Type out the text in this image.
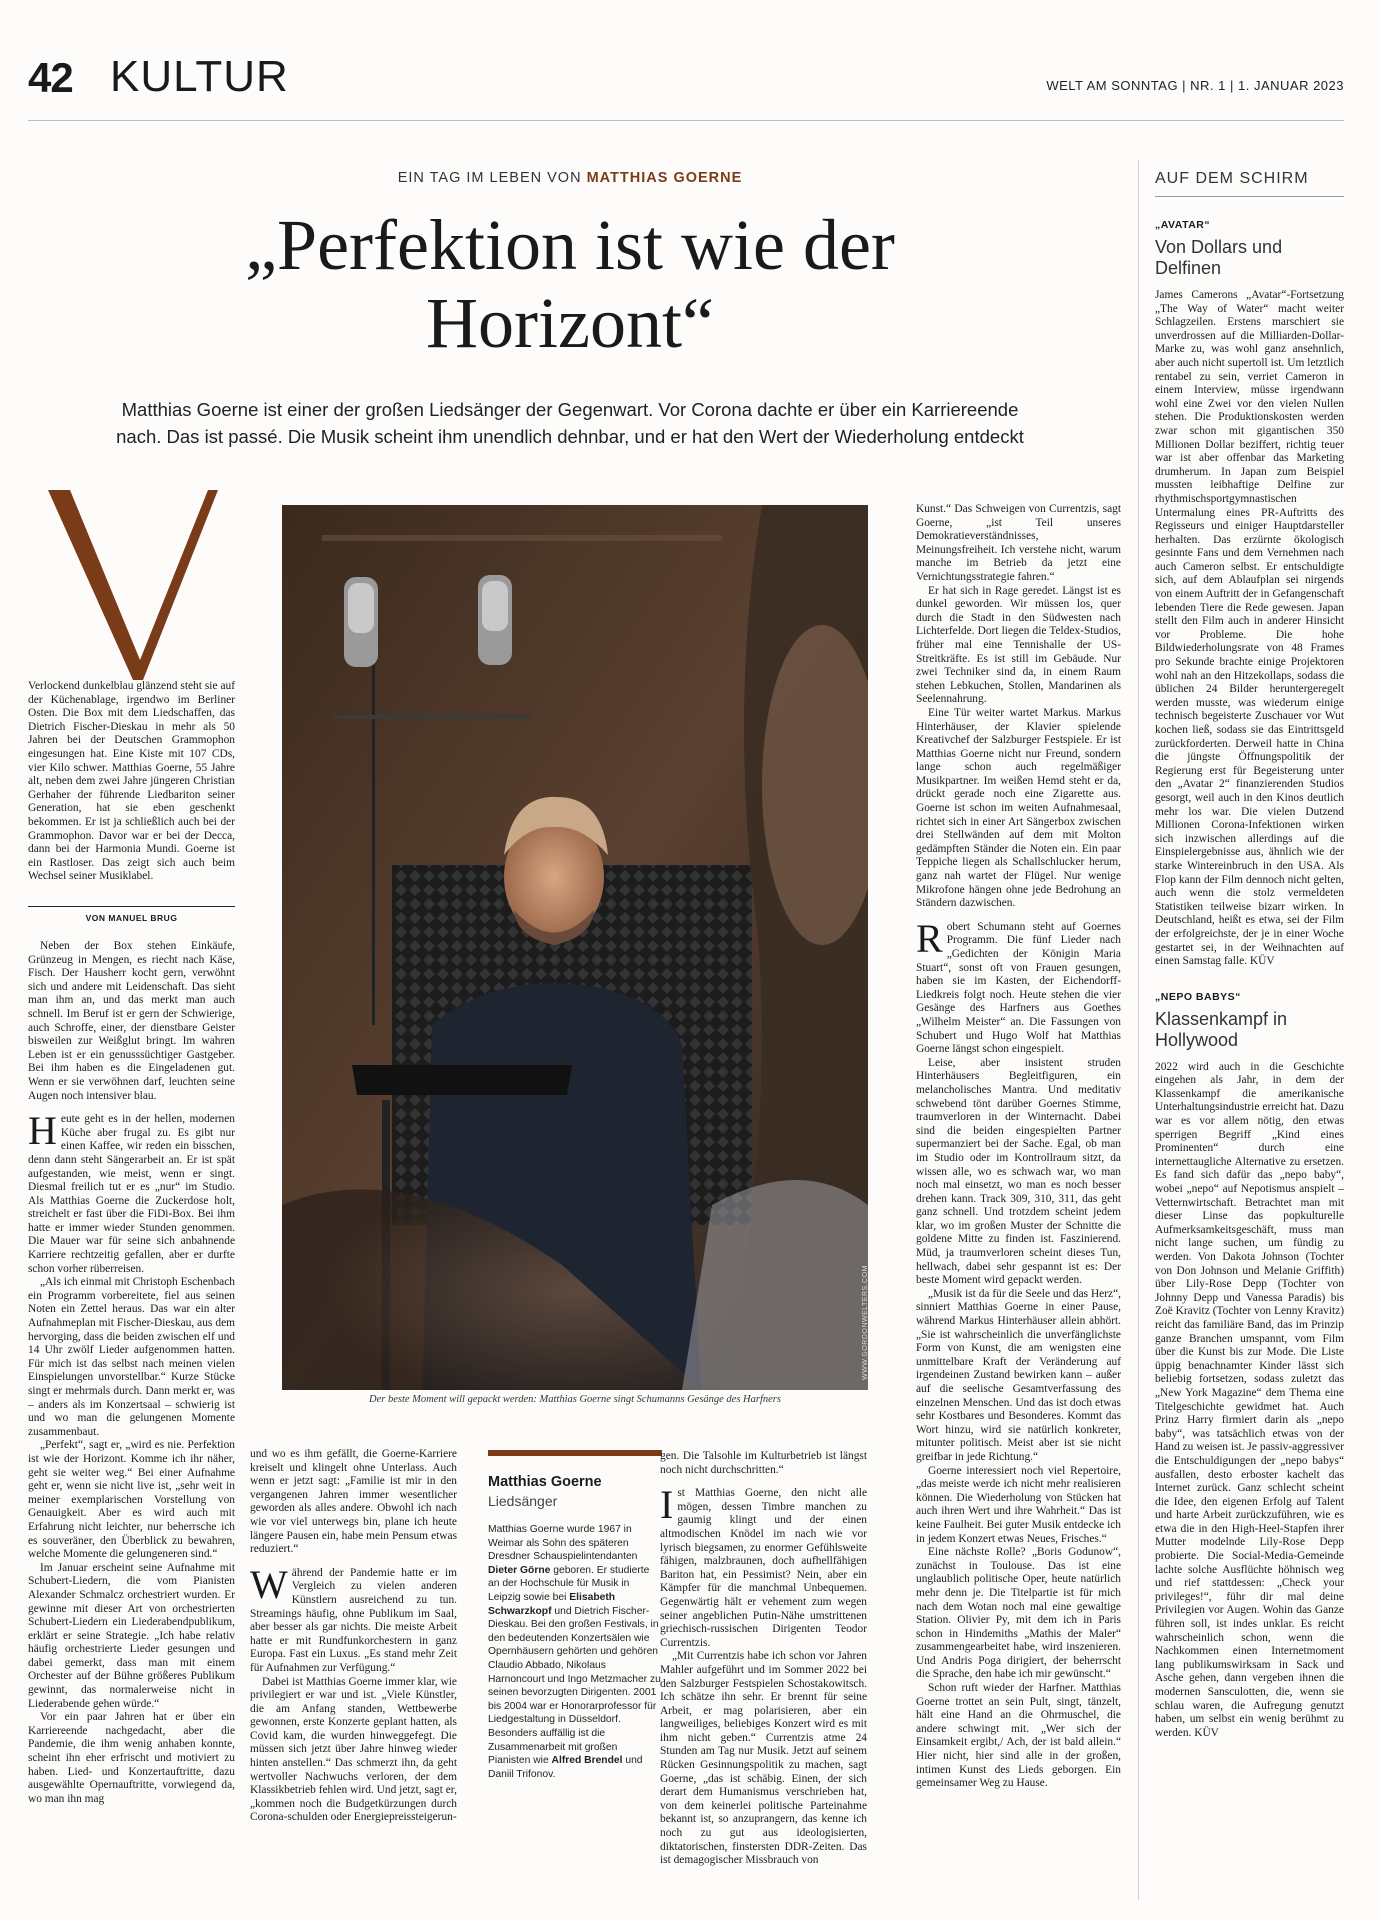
42 KULTUR	WELT AM SONNTAG | NR. 1 | 1. JANUAR 2023
EIN TAG IM LEBEN VON MATTHIAS GOERNE
„Perfektion ist wie der Horizont“
Matthias Goerne ist einer der großen Liedsänger der Gegenwart. Vor Corona dachte er über ein Karriereende nach. Das ist passé. Die Musik scheint ihm unendlich dehnbar, und er hat den Wert der Wiederholung entdeckt

Verlockend dunkelblau glänzend steht sie auf der Küchenablage, irgendwo im Berliner Osten. Die Box mit dem Liedschaffen, das Dietrich Fischer-Dieskau in mehr als 50 Jahren bei der Deutschen Grammophon eingesungen hat. Eine Kiste mit 107 CDs, vier Kilo schwer. Matthias Goerne, 55 Jahre alt, neben dem zwei Jahre jüngeren Christian Gerhaher der führende Liedbariton seiner Generation, hat sie eben geschenkt bekommen. Er ist ja schließlich auch bei der Grammophon. Davor war er bei der Decca, dann bei der Harmonia Mundi. Goerne ist ein Rastloser. Das zeigt sich auch beim Wechsel seiner Musiklabel.

VON MANUEL BRUG

Neben der Box stehen Einkäufe, Grünzeug in Mengen, es riecht nach Käse, Fisch. Der Hausherr kocht gern, verwöhnt sich und andere mit Leidenschaft. Das sieht man ihm an, und das merkt man auch schnell. Im Beruf ist er gern der Schwierige, auch Schroffe, einer, der dienstbare Geister bisweilen zur Weißglut bringt. Im wahren Leben ist er ein genusssüchtiger Gastgeber. Bei ihm haben es die Eingeladenen gut. Wenn er sie verwöhnen darf, leuchten seine Augen noch intensiver blau.

Heute geht es in der hellen, modernen Küche aber frugal zu. Es gibt nur einen Kaffee, wir reden ein bisschen, denn dann steht Sängerarbeit an. Er ist spät aufgestanden, wie meist, wenn er singt. Diesmal freilich tut er es „nur“ im Studio. Als Matthias Goerne die Zuckerdose holt, streichelt er fast über die FiDi-Box. Bei ihm hatte er immer wieder Stunden genommen. Die Mauer war für seine sich anbahnende Karriere rechtzeitig gefallen, aber er durfte schon vorher rüberreisen.

„Als ich einmal mit Christoph Eschenbach ein Programm vorbereitete, fiel aus seinen Noten ein Zettel heraus. Das war ein alter Aufnahmeplan mit Fischer-Dieskau, aus dem hervorging, dass die beiden zwischen elf und 14 Uhr zwölf Lieder aufgenommen hatten. Für mich ist das selbst nach meinen vielen Einspielungen unvorstellbar.“ Kurze Stücke singt er mehrmals durch. Dann merkt er, was – anders als im Konzertsaal – schwierig ist und wo man die gelungenen Momente zusammenbaut.

„Perfekt“, sagt er, „wird es nie. Perfektion ist wie der Horizont. Komme ich ihr näher, geht sie weiter weg.“ Bei einer Aufnahme geht er, wenn sie nicht live ist, „sehr weit in meiner exemplarischen Vorstellung von Genauigkeit. Aber es wird auch mit Erfahrung nicht leichter, nur beherrsche ich es souveräner, den Überblick zu bewahren, welche Momente die gelungeneren sind.“

Im Januar erscheint seine Aufnahme mit Schubert-Liedern, die vom Pianisten Alexander Schmalcz orchestriert wurden. Er gewinne mit dieser Art von orchestrierten Schubert-Liedern ein Liederabendpublikum, erklärt er seine Strategie. „Ich habe relativ häufig orchestrierte Lieder gesungen und dabei gemerkt, dass man mit einem Orchester auf der Bühne größeres Publikum gewinnt, das normalerweise nicht in Liederabende gehen würde.“

Vor ein paar Jahren hat er über ein Karriereende nachgedacht, aber die Pandemie, die ihm wenig anhaben konnte, scheint ihn eher erfrischt und motiviert zu haben. Lied- und Konzertauftritte, dazu ausgewählte Opernauftritte, vorwiegend da, wo man ihn mag

WWW.GORDONWELTERS.COM
Der beste Moment will gepackt werden: Matthias Goerne singt Schumanns Gesänge des Harfners

und wo es ihm gefällt, die Goerne-Karriere kreiselt und klingelt ohne Unterlass. Auch wenn er jetzt sagt: „Familie ist mir in den vergangenen Jahren immer wesentlicher geworden als alles andere. Obwohl ich nach wie vor viel unterwegs bin, plane ich heute längere Pausen ein, habe mein Pensum etwas reduziert.“

Während der Pandemie hatte er im Vergleich zu vielen anderen Künstlern ausreichend zu tun. Streamings häufig, ohne Publikum im Saal, aber besser als gar nichts. Die meiste Arbeit hatte er mit Rundfunkorchestern in ganz Europa. Fast ein Luxus. „Es stand mehr Zeit für Aufnahmen zur Verfügung.“

Dabei ist Matthias Goerne immer klar, wie privilegiert er war und ist. „Viele Künstler, die am Anfang standen, Wettbewerbe gewonnen, erste Konzerte geplant hatten, als Covid kam, die wurden hinweggefegt. Die müssen sich jetzt über Jahre hinweg wieder hinten anstellen.“ Das schmerzt ihn, da geht wertvoller Nachwuchs verloren, der dem Klassikbetrieb fehlen wird. Und jetzt, sagt er, „kommen noch die Budgetkürzungen durch Corona-schulden oder Energiepreissteigerun-

Matthias Goerne
Liedsänger
Matthias Goerne wurde 1967 in Weimar als Sohn des späteren Dresdner Schauspielintendanten Dieter Görne geboren. Er studierte an der Hochschule für Musik in Leipzig sowie bei Elisabeth Schwarzkopf und Dietrich Fischer-Dieskau. Bei den großen Festivals, in den bedeutenden Konzertsälen wie Opernhäusern gehörten und gehören Claudio Abbado, Nikolaus Harnoncourt und Ingo Metzmacher zu seinen bevorzugten Dirigenten. 2001 bis 2004 war er Honorarprofessor für Liedgestaltung in Düsseldorf. Besonders auffällig ist die Zusammenarbeit mit großen Pianisten wie Alfred Brendel und Daniil Trifonov.

gen. Die Talsohle im Kulturbetrieb ist längst noch nicht durchschritten.“

Ist Matthias Goerne, den nicht alle mögen, dessen Timbre manchen zu gaumig klingt und der einen altmodischen Knödel im nach wie vor lyrisch biegsamen, zu enormer Gefühlsweite fähigen, malzbraunen, doch aufhellfähigen Bariton hat, ein Pessimist? Nein, aber ein Kämpfer für die manchmal Unbequemen. Gegenwärtig hält er vehement zum wegen seiner angeblichen Putin-Nähe umstrittenen griechisch-russischen Dirigenten Teodor Currentzis.

„Mit Currentzis habe ich schon vor Jahren Mahler aufgeführt und im Sommer 2022 bei den Salzburger Festspielen Schostakowitsch. Ich schätze ihn sehr. Er brennt für seine Arbeit, er mag polarisieren, aber ein langweiliges, beliebiges Konzert wird es mit ihm nicht geben.“ Currentzis atme 24 Stunden am Tag nur Musik. Jetzt auf seinem Rücken Gesinnungspolitik zu machen, sagt Goerne, „das ist schäbig. Einen, der sich derart dem Humanismus verschrieben hat, von dem keinerlei politische Parteinahme bekannt ist, so anzuprangern, das kenne ich noch zu gut aus ideologisierten, diktatorischen, finstersten DDR-Zeiten. Das ist demagogischer Missbrauch von

Kunst.“ Das Schweigen von Currentzis, sagt Goerne, „ist Teil unseres Demokratieverständnisses, Meinungsfreiheit. Ich verstehe nicht, warum manche im Betrieb da jetzt eine Vernichtungsstrategie fahren.“

Er hat sich in Rage geredet. Längst ist es dunkel geworden. Wir müssen los, quer durch die Stadt in den Südwesten nach Lichterfelde. Dort liegen die Teldex-Studios, früher mal eine Tennishalle der US-Streitkräfte. Es ist still im Gebäude. Nur zwei Techniker sind da, in einem Raum stehen Lebkuchen, Stollen, Mandarinen als Seelennahrung.

Eine Tür weiter wartet Markus. Markus Hinterhäuser, der Klavier spielende Kreativchef der Salzburger Festspiele. Er ist Matthias Goerne nicht nur Freund, sondern lange schon auch regelmäßiger Musikpartner. Im weißen Hemd steht er da, drückt gerade noch eine Zigarette aus. Goerne ist schon im weiten Aufnahmesaal, richtet sich in einer Art Sängerbox zwischen drei Stellwänden auf dem mit Molton gedämpften Ständer die Noten ein. Ein paar Teppiche liegen als Schallschlucker herum, ganz nah wartet der Flügel. Nur wenige Mikrofone hängen ohne jede Bedrohung an Ständern dazwischen.

Robert Schumann steht auf Goernes Programm. Die fünf Lieder nach „Gedichten der Königin Maria Stuart“, sonst oft von Frauen gesungen, haben sie im Kasten, der Eichendorff-Liedkreis folgt noch. Heute stehen die vier Gesänge des Harfners aus Goethes „Wilhelm Meister“ an. Die Fassungen von Schubert und Hugo Wolf hat Matthias Goerne längst schon eingespielt.

Leise, aber insistent struden Hinterhäusers Begleitfiguren, ein melancholisches Mantra. Und meditativ schwebend tönt darüber Goernes Stimme, traumverloren in der Winternacht. Dabei sind die beiden eingespielten Partner supermanziert bei der Sache. Egal, ob man im Studio oder im Kontrollraum sitzt, da wissen alle, wo es schwach war, wo man noch mal einsetzt, wo man es noch besser drehen kann. Track 309, 310, 311, das geht ganz schnell. Und trotzdem scheint jedem klar, wo im großen Muster der Schnitte die goldene Mitte zu finden ist. Faszinierend. Müd, ja traumverloren scheint dieses Tun, hellwach, dabei sehr gespannt ist es: Der beste Moment wird gepackt werden.

„Musik ist da für die Seele und das Herz“, sinniert Matthias Goerne in einer Pause, während Markus Hinterhäuser allein abhört. „Sie ist wahrscheinlich die unverfänglichste Form von Kunst, die am wenigsten eine unmittelbare Kraft der Veränderung auf irgendeinen Zustand bewirken kann – außer auf die seelische Gesamtverfassung des einzelnen Menschen. Und das ist doch etwas sehr Kostbares und Besonderes. Kommt das Wort hinzu, wird sie natürlich konkreter, mitunter politisch. Meist aber ist sie nicht greifbar in jede Richtung.“

Goerne interessiert noch viel Repertoire, „das meiste werde ich nicht mehr realisieren können. Die Wiederholung von Stücken hat auch ihren Wert und ihre Wahrheit.“ Das ist keine Faulheit. Bei guter Musik entdecke ich in jedem Konzert etwas Neues, Frisches.“

Eine nächste Rolle? „Boris Godunow“, zunächst in Toulouse. Das ist eine unglaublich politische Oper, heute natürlich mehr denn je. Die Titelpartie ist für mich nach dem Wotan noch mal eine gewaltige Station. Olivier Py, mit dem ich in Paris schon in Hindemiths „Mathis der Maler“ zusammengearbeitet habe, wird inszenieren. Und Andris Poga dirigiert, der beherrscht die Sprache, den habe ich mir gewünscht.“

Schon ruft wieder der Harfner. Matthias Goerne trottet an sein Pult, singt, tänzelt, hält eine Hand an die Ohrmuschel, die andere schwingt mit. „Wer sich der Einsamkeit ergibt,/ Ach, der ist bald allein.“ Hier nicht, hier sind alle in der großen, intimen Kunst des Lieds geborgen. Ein gemeinsamer Weg zu Hause.

AUF DEM SCHIRM
„AVATAR“
Von Dollars und Delfinen
James Camerons „Avatar“-Fortsetzung „The Way of Water“ macht weiter Schlagzeilen. Erstens marschiert sie unverdrossen auf die Milliarden-Dollar-Marke zu, was wohl ganz ansehnlich, aber auch nicht supertoll ist. Um letztlich rentabel zu sein, verriet Cameron in einem Interview, müsse irgendwann wohl eine Zwei vor den vielen Nullen stehen. Die Produktionskosten werden zwar schon mit gigantischen 350 Millionen Dollar beziffert, richtig teuer war ist aber offenbar das Marketing drumherum. In Japan zum Beispiel mussten leibhaftige Delfine zur rhythmischsportgymnastischen Untermalung eines PR-Auftritts des Regisseurs und einiger Hauptdarsteller herhalten. Das erzürnte ökologisch gesinnte Fans und dem Vernehmen nach auch Cameron selbst. Er entschuldigte sich, auf dem Ablaufplan sei nirgends von einem Auftritt der in Gefangenschaft lebenden Tiere die Rede gewesen. Japan stellt den Film auch in anderer Hinsicht vor Probleme. Die hohe Bildwiederholungsrate von 48 Frames pro Sekunde brachte einige Projektoren wohl nah an den Hitzekollaps, sodass die üblichen 24 Bilder heruntergeregelt werden musste, was wiederum einige technisch begeisterte Zuschauer vor Wut kochen ließ, sodass sie das Eintrittsgeld zurückforderten. Derweil hatte in China die jüngste Öffnungspolitik der Regierung erst für Begeisterung unter den „Avatar 2“ finanzierenden Studios gesorgt, weil auch in den Kinos deutlich mehr los war. Die vielen Dutzend Millionen Corona-Infektionen wirken sich inzwischen allerdings auf die Einspielergebnisse aus, ähnlich wie der starke Wintereinbruch in den USA. Als Flop kann der Film dennoch nicht gelten, auch wenn die stolz vermeldeten Statistiken teilweise bizarr wirken. In Deutschland, heißt es etwa, sei der Film der erfolgreichste, der je in einer Woche gestartet sei, in der Weihnachten auf einen Samstag falle. KÜV
„NEPO BABYS“
Klassenkampf in Hollywood
2022 wird auch in die Geschichte eingehen als Jahr, in dem der Klassenkampf die amerikanische Unterhaltungsindustrie erreicht hat. Dazu war es vor allem nötig, den etwas sperrigen Begriff „Kind eines Prominenten“ durch eine internettaugliche Alternative zu ersetzen. Es fand sich dafür das „nepo baby“, wobei „nepo“ auf Nepotismus anspielt – Vetternwirtschaft. Betrachtet man mit dieser Linse das popkulturelle Aufmerksamkeitsgeschäft, muss man nicht lange suchen, um fündig zu werden. Von Dakota Johnson (Tochter von Don Johnson und Melanie Griffith) über Lily-Rose Depp (Tochter von Johnny Depp und Vanessa Paradis) bis Zoë Kravitz (Tochter von Lenny Kravitz) reicht das familiäre Band, das im Prinzip ganze Branchen umspannt, vom Film über die Kunst bis zur Mode. Die Liste üppig benachnamter Kinder lässt sich beliebig fortsetzen, sodass zuletzt das „New York Magazine“ dem Thema eine Titelgeschichte gewidmet hat. Auch Prinz Harry firmiert darin als „nepo baby“, was tatsächlich etwas von der Hand zu weisen ist. Je passiv-aggressiver die Entschuldigungen der „nepo babys“ ausfallen, desto erboster kachelt das Internet zurück. Ganz schlecht scheint die Idee, den eigenen Erfolg auf Talent und harte Arbeit zurückzuführen, wie es etwa die in den High-Heel-Stapfen ihrer Mutter modelnde Lily-Rose Depp probierte. Die Social-Media-Gemeinde lachte solche Ausflüchte höhnisch weg und rief stattdessen: „Check your privileges!“, führ dir mal deine Privilegien vor Augen. Wohin das Ganze führen soll, ist indes unklar. Es reicht wahrscheinlich schon, wenn die Nachkommen einen Internetmoment lang publikumswirksam in Sack und Asche gehen, dann vergeben ihnen die modernen Sansculotten, die, wenn sie schlau waren, die Aufregung genutzt haben, um selbst ein wenig berühmt zu werden. KÜV
